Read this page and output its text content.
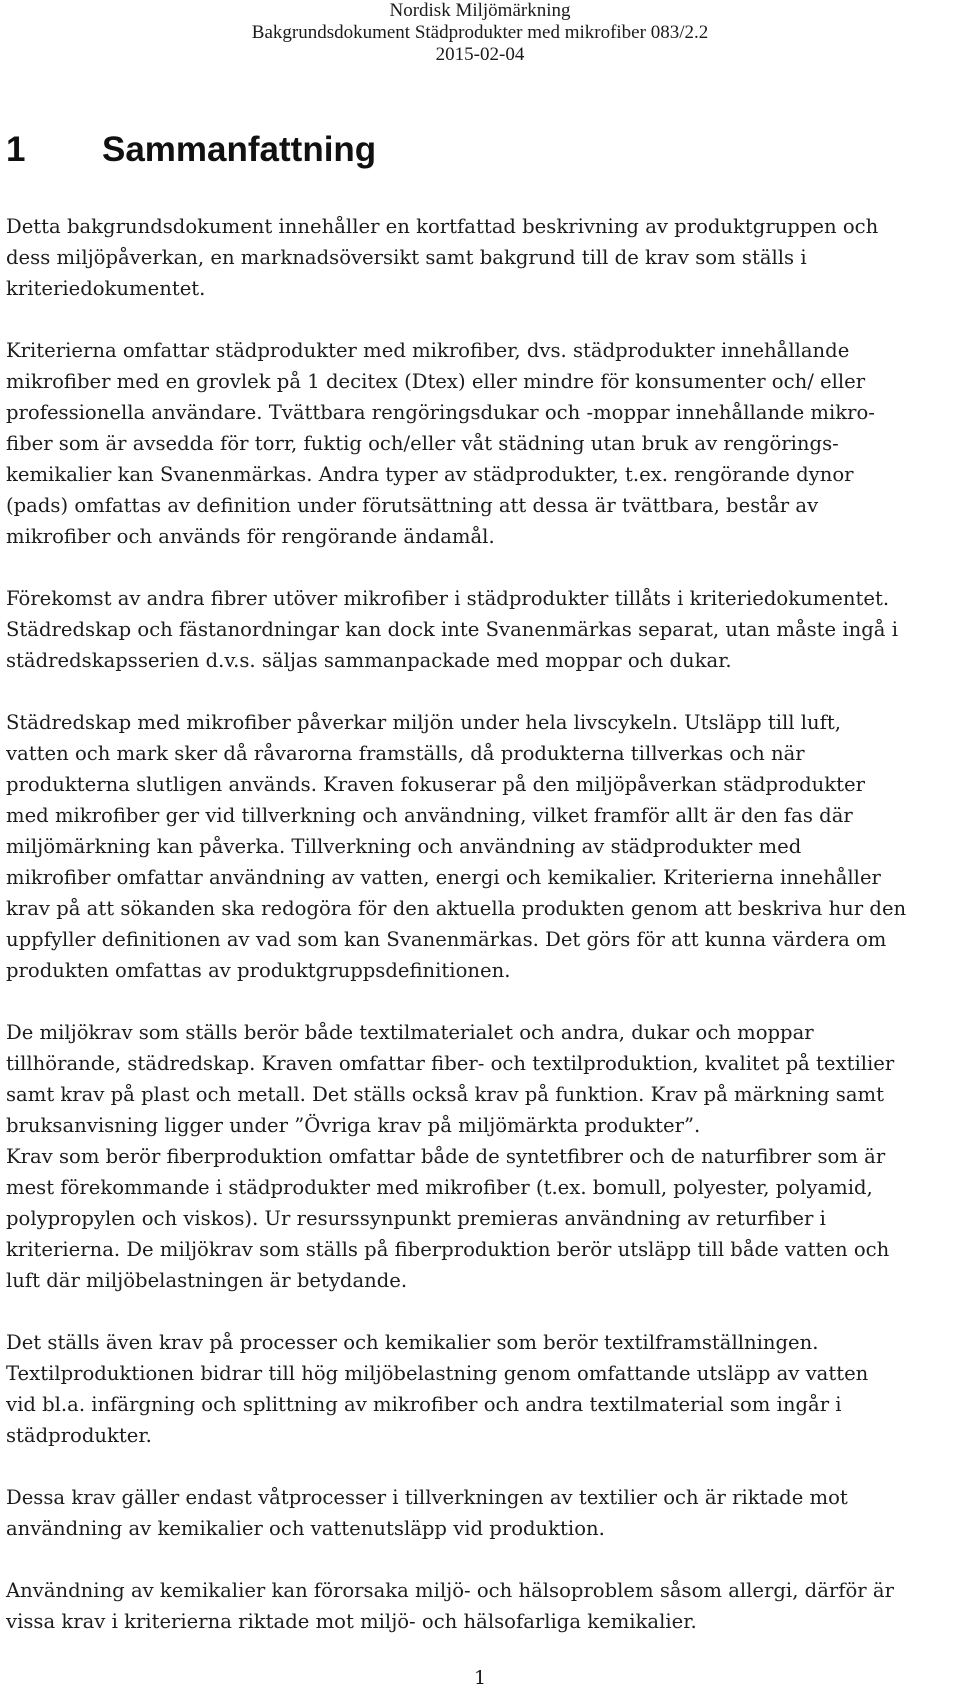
Nordisk Miljömärkning
Bakgrundsdokument Städprodukter med mikrofiber 083/2.2
2015-02-04
1 Sammanfattning

Detta bakgrundsdokument innehåller en kortfattad beskrivning av produktgruppen och
dess miljöpåverkan, en marknadsöversikt samt bakgrund till de krav som ställs i
kriteriedokumentet.

Kriterierna omfattar städprodukter med mikrofiber, dvs. städprodukter innehållande
mikrofiber med en grovlek på 1 decitex (Dtex) eller mindre för konsumenter och/ eller
professionella användare. Tvättbara rengöringsdukar och -moppar innehållande mikro-
fiber som är avsedda för torr, fuktig och/eller våt städning utan bruk av rengörings-
kemikalier kan Svanenmärkas. Andra typer av städprodukter, t.ex. rengörande dynor
(pads) omfattas av definition under förutsättning att dessa är tvättbara, består av
mikrofiber och används för rengörande ändamål.

Förekomst av andra fibrer utöver mikrofiber i städprodukter tillåts i kriteriedokumentet.
Städredskap och fästanordningar kan dock inte Svanenmärkas separat, utan måste ingå i
städredskapsserien d.v.s. säljas sammanpackade med moppar och dukar.

Städredskap med mikrofiber påverkar miljön under hela livscykeln. Utsläpp till luft,
vatten och mark sker då råvarorna framställs, då produkterna tillverkas och när
produkterna slutligen används. Kraven fokuserar på den miljöpåverkan städprodukter
med mikrofiber ger vid tillverkning och användning, vilket framför allt är den fas där
miljömärkning kan påverka. Tillverkning och användning av städprodukter med
mikrofiber omfattar användning av vatten, energi och kemikalier. Kriterierna innehåller
krav på att sökanden ska redogöra för den aktuella produkten genom att beskriva hur den
uppfyller definitionen av vad som kan Svanenmärkas. Det görs för att kunna värdera om
produkten omfattas av produktgruppsdefinitionen.

De miljökrav som ställs berör både textilmaterialet och andra, dukar och moppar
tillhörande, städredskap. Kraven omfattar fiber- och textilproduktion, kvalitet på textilier
samt krav på plast och metall. Det ställs också krav på funktion. Krav på märkning samt
bruksanvisning ligger under ”Övriga krav på miljömärkta produkter”.

Krav som berör fiberproduktion omfattar både de syntetfibrer och de naturfibrer som är
mest förekommande i städprodukter med mikrofiber (t.ex. bomull, polyester, polyamid,
polypropylen och viskos). Ur resurssynpunkt premieras användning av returfiber i
kriterierna. De miljökrav som ställs på fiberproduktion berör utsläpp till både vatten och
luft där miljöbelastningen är betydande.

Det ställs även krav på processer och kemikalier som berör textilframställningen.
Textilproduktionen bidrar till hög miljöbelastning genom omfattande utsläpp av vatten
vid bl.a. infärgning och splittning av mikrofiber och andra textilmaterial som ingår i
städprodukter.

Dessa krav gäller endast våtprocesser i tillverkningen av textilier och är riktade mot
användning av kemikalier och vattenutsläpp vid produktion.

Användning av kemikalier kan förorsaka miljö- och hälsoproblem såsom allergi, därför är
vissa krav i kriterierna riktade mot miljö- och hälsofarliga kemikalier.

1
